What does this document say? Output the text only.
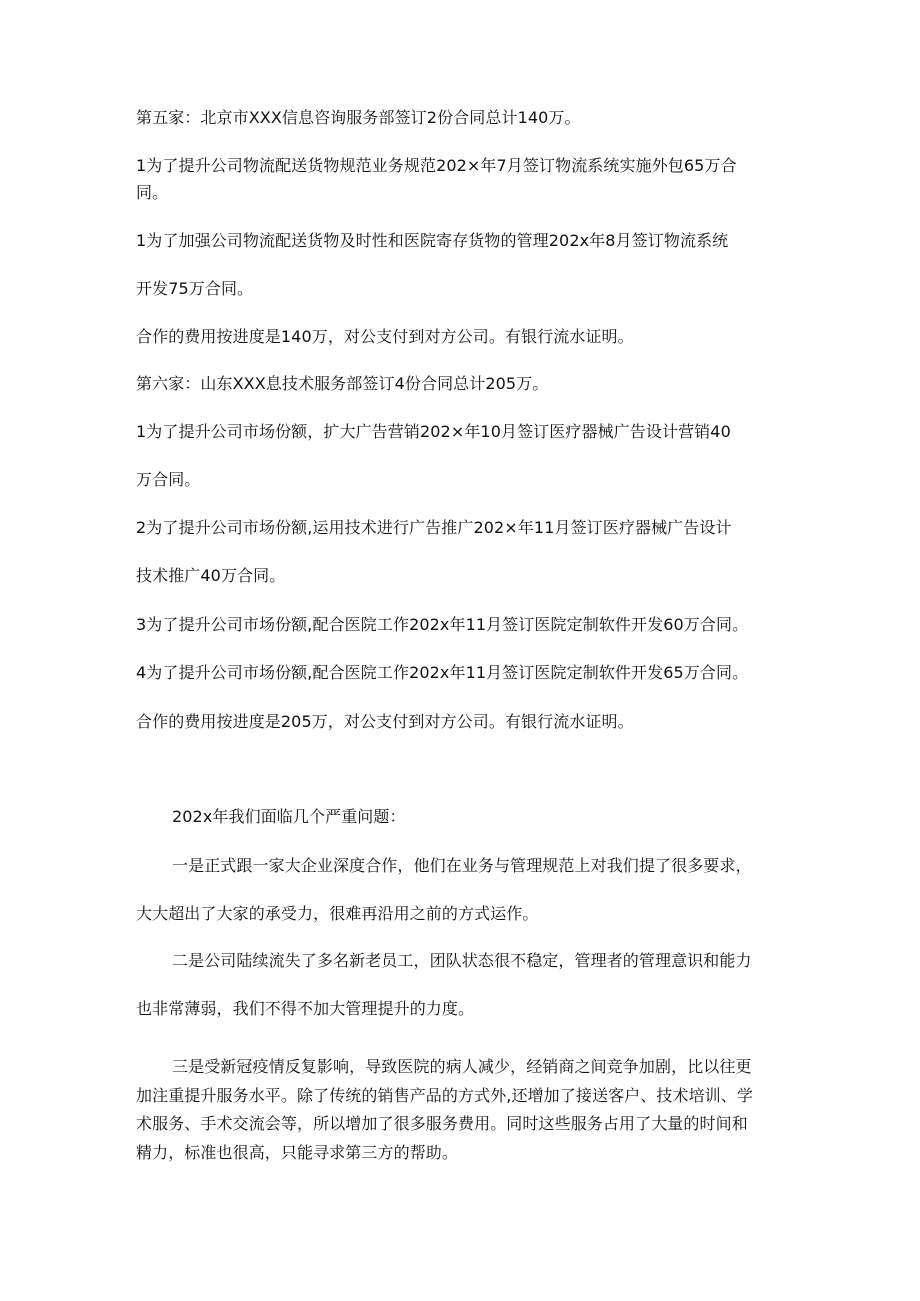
第五家：北京市XXX信息咨询服务部签订2份合同总计140万。

1为了提升公司物流配送货物规范业务规范202×年7月签订物流系统实施外包65万合

同。

1为了加强公司物流配送货物及时性和医院寄存货物的管理202x年8月签订物流系统

开发75万合同。

合作的费用按进度是140万，对公支付到对方公司。有银行流水证明。

第六家：山东XXX息技术服务部签订4份合同总计205万。

1为了提升公司市场份额，扩大广告营销202×年10月签订医疗器械广告设计营销40

万合同。

2为了提升公司市场份额,运用技术进行广告推广202×年11月签订医疗器械广告设计

技术推广40万合同。

3为了提升公司市场份额,配合医院工作202x年11月签订医院定制软件开发60万合同。

4为了提升公司市场份额,配合医院工作202x年11月签订医院定制软件开发65万合同。

合作的费用按进度是205万，对公支付到对方公司。有银行流水证明。

202x年我们面临几个严重问题：

一是正式跟一家大企业深度合作，他们在业务与管理规范上对我们提了很多要求，

大大超出了大家的承受力，很难再沿用之前的方式运作。

二是公司陆续流失了多名新老员工，团队状态很不稳定，管理者的管理意识和能力

也非常薄弱，我们不得不加大管理提升的力度。

三是受新冠疫情反复影响，导致医院的病人减少，经销商之间竞争加剧，比以往更

加注重提升服务水平。除了传统的销售产品的方式外,还增加了接送客户、技术培训、学

术服务、手术交流会等，所以增加了很多服务费用。同时这些服务占用了大量的时间和

精力，标准也很高，只能寻求第三方的帮助。
